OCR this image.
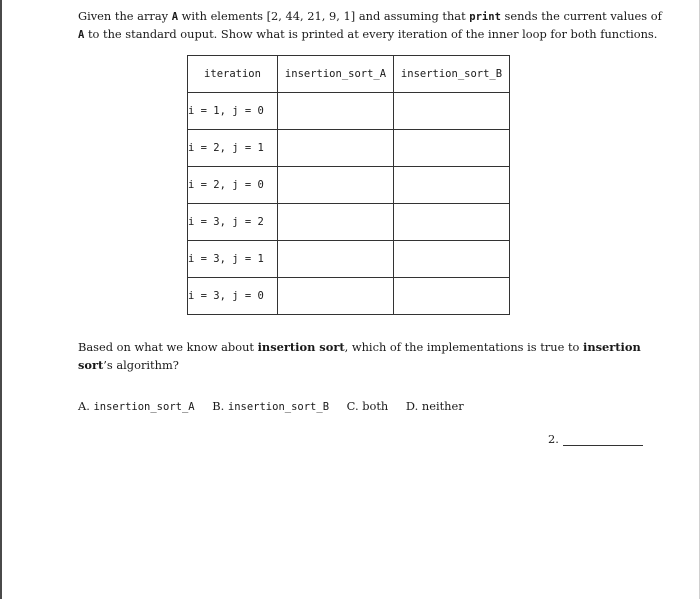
Given the array A with elements [2, 44, 21, 9, 1] and assuming that print sends the current values of A to the standard ouput. Show what is printed at every iteration of the inner loop for both functions.
iteration	insertion_sort_A	insertion_sort_B
i = 1, j = 0		
i = 2, j = 1		
i = 2, j = 0		
i = 3, j = 2		
i = 3, j = 1		
i = 3, j = 0		
Based on what we know about insertion sort, which of the implementations is true to insertion sort’s algorithm?
A. insertion_sort_A B. insertion_sort_B C. both D. neither
2.
